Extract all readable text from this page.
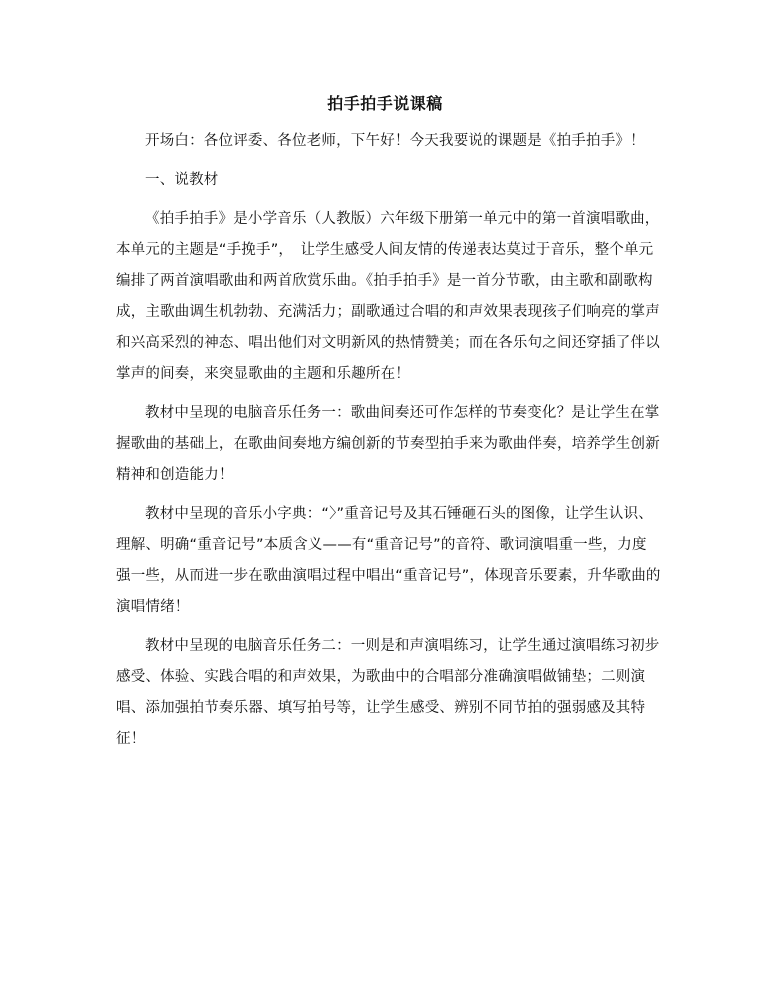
拍手拍手说课稿

开场白：各位评委、各位老师，下午好！今天我要说的课题是《拍手拍手》！

一、说教材

《拍手拍手》是小学音乐（人教版）六年级下册第一单元中的第一首演唱歌曲，本单元的主题是“手挽手”，　让学生感受人间友情的传递表达莫过于音乐，整个单元编排了两首演唱歌曲和两首欣赏乐曲。《拍手拍手》是一首分节歌，由主歌和副歌构成，主歌曲调生机勃勃、充满活力；副歌通过合唱的和声效果表现孩子们响亮的掌声和兴高采烈的神态、唱出他们对文明新风的热情赞美；而在各乐句之间还穿插了伴以掌声的间奏，来突显歌曲的主题和乐趣所在！

教材中呈现的电脑音乐任务一：歌曲间奏还可作怎样的节奏变化？是让学生在掌握歌曲的基础上，在歌曲间奏地方编创新的节奏型拍手来为歌曲伴奏，培养学生创新精神和创造能力！

教材中呈现的音乐小字典：“〉”重音记号及其石锤砸石头的图像，让学生认识、理解、明确“重音记号”本质含义——有“重音记号”的音符、歌词演唱重一些，力度强一些，从而进一步在歌曲演唱过程中唱出“重音记号”，体现音乐要素，升华歌曲的演唱情绪！

教材中呈现的电脑音乐任务二：一则是和声演唱练习，让学生通过演唱练习初步感受、体验、实践合唱的和声效果，为歌曲中的合唱部分准确演唱做铺垫；二则演唱、添加强拍节奏乐器、填写拍号等，让学生感受、辨别不同节拍的强弱感及其特征！
